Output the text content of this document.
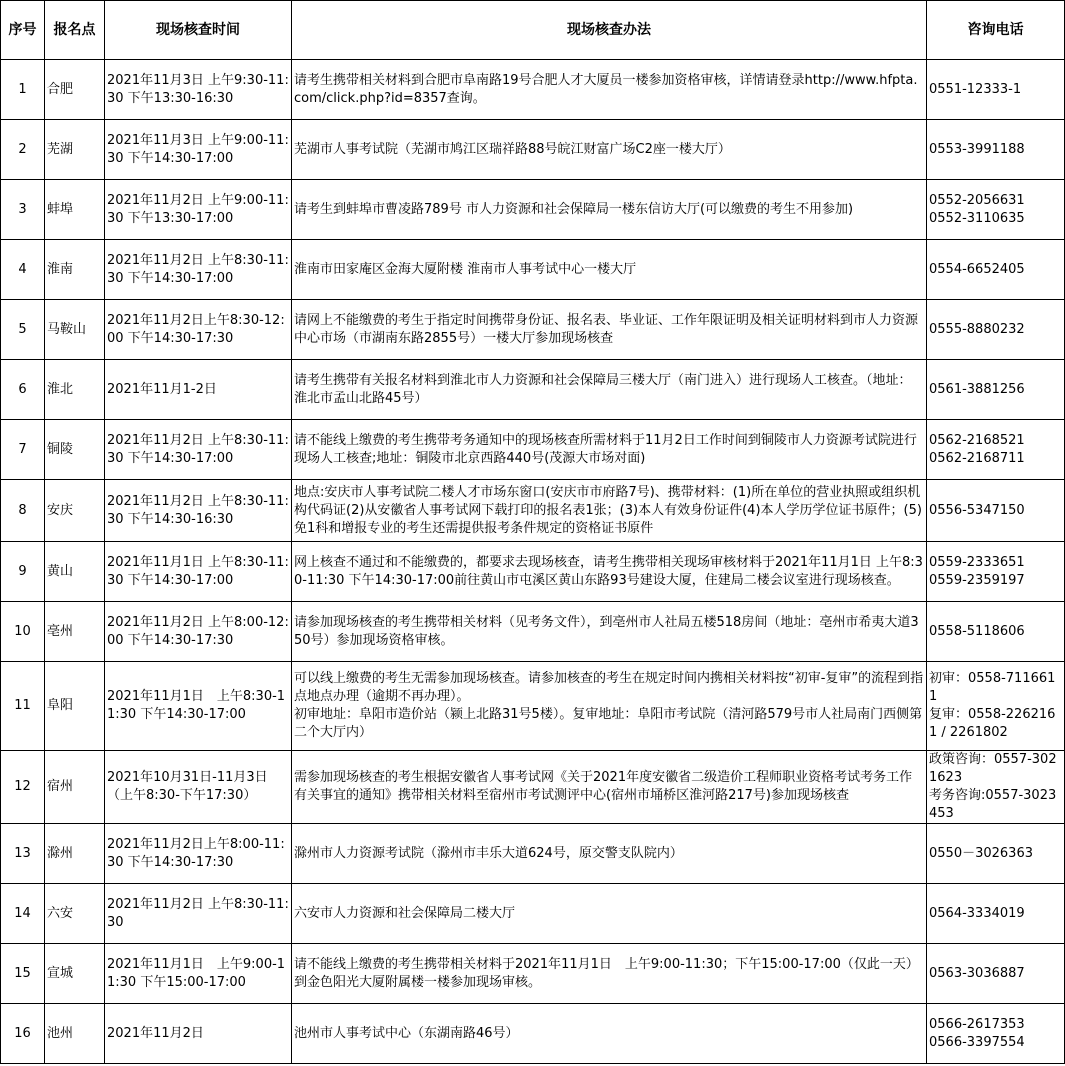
序号	报名点	现场核查时间	现场核查办法	咨询电话
1	合肥	2021年11月3日 上午9:30-11:30 下午13:30-16:30	请考生携带相关材料到合肥市阜南路19号合肥人才大厦员一楼参加资格审核，详情请登录http://www.hfpta.com/click.php?id=8357查询。	0551-12333-1

2	芜湖	2021年11月3日 上午9:00-11:30 下午14:30-17:00	芜湖市人事考试院（芜湖市鸠江区瑞祥路88号皖江财富广场C2座一楼大厅）	0553-3991188

3	蚌埠	2021年11月2日 上午9:00-11:30 下午13:30-17:00	请考生到蚌埠市曹凌路789号 市人力资源和社会保障局一楼东信访大厅(可以缴费的考生不用参加)	0552-2056631
0552-3110635

4	淮南	2021年11月2日 上午8:30-11:30 下午14:30-17:00	淮南市田家庵区金海大厦附楼 淮南市人事考试中心一楼大厅	0554-6652405

5	马鞍山	2021年11月2日上午8:30-12:00 下午14:30-17:30	请网上不能缴费的考生于指定时间携带身份证、报名表、毕业证、工作年限证明及相关证明材料到市人力资源中心市场（市湖南东路2855号）一楼大厅参加现场核查	0555-8880232

6	淮北	2021年11月1-2日	请考生携带有关报名材料到淮北市人力资源和社会保障局三楼大厅（南门进入）进行现场人工核查。（地址：淮北市孟山北路45号）	0561-3881256

7	铜陵	2021年11月2日 上午8:30-11:30 下午14:30-17:00	请不能线上缴费的考生携带考务通知中的现场核查所需材料于11月2日工作时间到铜陵市人力资源考试院进行现场人工核查;地址：铜陵市北京西路440号(茂源大市场对面)	0562-2168521
0562-2168711

8	安庆	2021年11月2日 上午8:30-11:30 下午14:30-16:30	地点:安庆市人事考试院二楼人才市场东窗口(安庆市市府路7号)、携带材料：(1)所在单位的营业执照或组织机构代码证(2)从安徽省人事考试网下载打印的报名表1张；(3)本人有效身份证件(4)本人学历学位证书原件；(5)免1科和增报专业的考生还需提供报考条件规定的资格证书原件	0556-5347150

9	黄山	2021年11月1日 上午8:30-11:30 下午14:30-17:00	网上核查不通过和不能缴费的，都要求去现场核查，请考生携带相关现场审核材料于2021年11月1日 上午8:30-11:30 下午14:30-17:00前往黄山市屯溪区黄山东路93号建设大厦，住建局二楼会议室进行现场核查。	0559-2333651
0559-2359197

10	亳州	2021年11月2日 上午8:00-12:00 下午14:30-17:30	请参加现场核查的考生携带相关材料（见考务文件），到亳州市人社局五楼518房间（地址：亳州市希夷大道350号）参加现场资格审核。	0558-5118606

11	阜阳	2021年11月1日　上午8:30-11:30 下午14:30-17:00	可以线上缴费的考生无需参加现场核查。请参加核查的考生在规定时间内携相关材料按“初审-复审”的流程到指点地点办理（逾期不再办理）。
初审地址：阜阳市造价站（颍上北路31号5楼）。复审地址：阜阳市考试院（清河路579号市人社局南门西侧第二个大厅内）	初审：0558-7116611
复审：0558-2262161 / 2261802

12	宿州	2021年10月31日-11月3日（上午8:30-下午17:30）	需参加现场核查的考生根据安徽省人事考试网《关于2021年度安徽省二级造价工程师职业资格考试考务工作有关事宜的通知》携带相关材料至宿州市考试测评中心(宿州市埇桥区淮河路217号)参加现场核查	政策咨询：0557-3021623
考务咨询:0557-3023453

13	滁州	2021年11月2日上午8:00-11:30 下午14:30-17:30	滁州市人力资源考试院（滁州市丰乐大道624号，原交警支队院内）	0550－3026363

14	六安	2021年11月2日 上午8:30-11:30	六安市人力资源和社会保障局二楼大厅	0564-3334019

15	宣城	2021年11月1日　上午9:00-11:30 下午15:00-17:00	请不能线上缴费的考生携带相关材料于2021年11月1日　上午9:00-11:30；下午15:00-17:00（仅此一天）到金色阳光大厦附属楼一楼参加现场审核。	0563-3036887

16	池州	2021年11月2日	池州市人事考试中心（东湖南路46号）	0566-2617353
0566-3397554
